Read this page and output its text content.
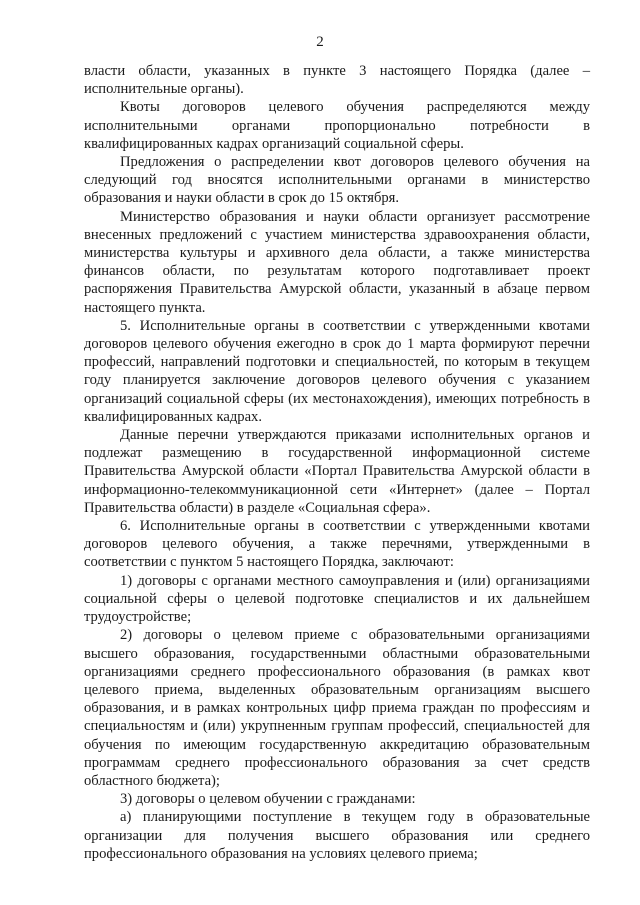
2

власти области, указанных в пункте 3 настоящего Порядка (далее – исполнительные органы).

Квоты договоров целевого обучения распределяются между исполнительными органами пропорционально потребности в квалифицированных кадрах организаций социальной сферы.

Предложения о распределении квот договоров целевого обучения на следующий год вносятся исполнительными органами в министерство образования и науки области в срок до 15 октября.

Министерство образования и науки области организует рассмотрение внесенных предложений с участием министерства здравоохранения области, министерства культуры и архивного дела области, а также министерства финансов области, по результатам которого подготавливает проект распоряжения Правительства Амурской области, указанный в абзаце первом настоящего пункта.

5. Исполнительные органы в соответствии с утвержденными квотами договоров целевого обучения ежегодно в срок до 1 марта формируют перечни профессий, направлений подготовки и специальностей, по которым в текущем году планируется заключение договоров целевого обучения с указанием организаций социальной сферы (их местонахождения), имеющих потребность в квалифицированных кадрах.

Данные перечни утверждаются приказами исполнительных органов и подлежат размещению в государственной информационной системе Правительства Амурской области «Портал Правительства Амурской области в информационно-телекоммуникационной сети «Интернет» (далее – Портал Правительства области) в разделе «Социальная сфера».

6. Исполнительные органы в соответствии с утвержденными квотами договоров целевого обучения, а также перечнями, утвержденными в соответствии с пунктом 5 настоящего Порядка, заключают:

1) договоры с органами местного самоуправления и (или) организациями социальной сферы о целевой подготовке специалистов и их дальнейшем трудоустройстве;

2) договоры о целевом приеме с образовательными организациями высшего образования, государственными областными образовательными организациями среднего профессионального образования (в рамках квот целевого приема, выделенных образовательным организациям высшего образования, и в рамках контрольных цифр приема граждан по профессиям и специальностям и (или) укрупненным группам профессий, специальностей для обучения по имеющим государственную аккредитацию образовательным программам среднего профессионального образования за счет средств областного бюджета);

3) договоры о целевом обучении с гражданами:

а) планирующими поступление в текущем году в образовательные организации для получения высшего образования или среднего профессионального образования на условиях целевого приема;
